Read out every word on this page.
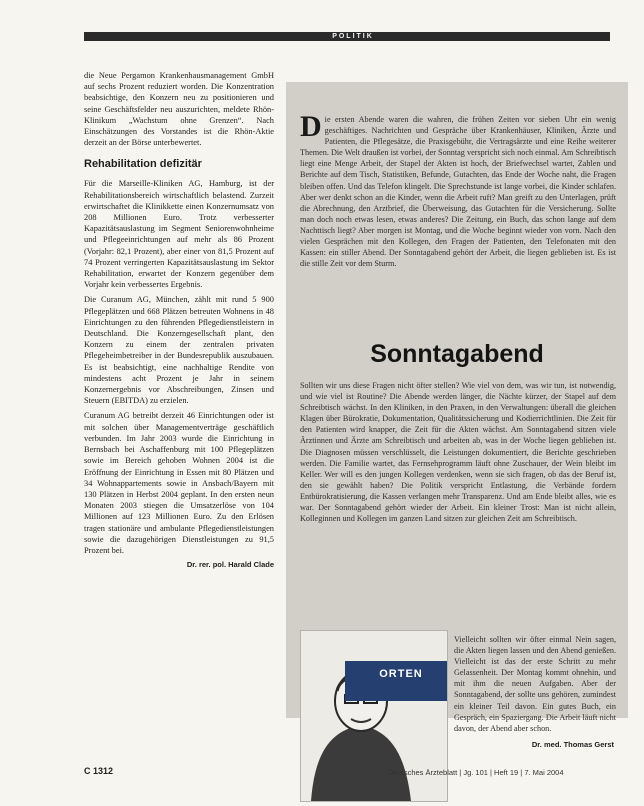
POLITIK

die Neue Pergamon Krankenhausmanagement GmbH auf sechs Prozent reduziert worden. Die Konzentration beabsichtige, den Konzern neu zu positionieren und seine Geschäftsfelder neu auszurichten, meldete Rhön-Klinikum „Wachstum ohne Grenzen“. Nach Einschätzungen des Vorstandes ist die Rhön-Aktie derzeit an der Börse unterbewertet.

Rehabilitation defizitär

Für die Marseille-Kliniken AG, Hamburg, ist der Rehabilitationsbereich wirtschaftlich belastend. Zurzeit erwirtschaftet die Klinikkette einen Konzernumsatz von 208 Millionen Euro. Trotz verbesserter Kapazitätsauslastung im Segment Seniorenwohnheime und Pflegeeinrichtungen auf mehr als 86 Prozent (Vorjahr: 82,1 Prozent), aber einer von 81,5 Prozent auf 74 Prozent verringerten Kapazitätsauslastung im Sektor Rehabilitation, erwartet der Konzern gegenüber dem Vorjahr kein verbessertes Ergebnis.

Die Curanum AG, München, zählt mit rund 5 900 Pflegeplätzen und 668 Plätzen betreuten Wohnens in 48 Einrichtungen zu den führenden Pflegedienstleistern in Deutschland. Die Konzerngesellschaft plant, den Konzern zu einem der zentralen privaten Pflegeheimbetreiber in der Bundesrepublik auszubauen. Es ist beabsichtigt, eine nachhaltige Rendite von mindestens acht Prozent je Jahr in seinem Konzernergebnis vor Abschreibungen, Zinsen und Steuern (EBITDA) zu erzielen.

Curanum AG betreibt derzeit 46 Einrichtungen oder ist mit solchen über Managementverträge geschäftlich verbunden. Im Jahr 2003 wurde die Einrichtung in Bernsbach bei Aschaffenburg mit 100 Pflegeplätzen sowie im Bereich gehoben Wohnen 2004 ist die Eröffnung der Einrichtung in Essen mit 80 Plätzen und 34 Wohnappartements sowie in Ansbach/Bayern mit 130 Plätzen in Herbst 2004 geplant. In den ersten neun Monaten 2003 stiegen die Umsatzerlöse von 104 Millionen auf 123 Millionen Euro. Zu den Erlösen tragen stationäre und ambulante Pflegedienstleistungen sowie die dazugehörigen Dienstleistungen zu 91,5 Prozent bei.

Dr. rer. pol. Harald Clade

Die ersten Abende waren die wahren, die frühen Zeiten vor sieben Uhr ein wenig geschäftiges. Nachrichten und Gespräche über Krankenhäuser, Kliniken, Ärzte und Patienten, die Pflegesätze, die Praxisgebühr, die Vertragsärzte und eine Reihe weiterer Themen. Die Welt draußen ist vorbei, der Sonntag verspricht sich noch einmal. Am Schreibtisch liegt eine Menge Arbeit, der Stapel der Akten ist hoch, der Briefwechsel wartet, Zahlen und Berichte auf dem Tisch, Statistiken, Befunde, Gutachten, das Ende der Woche naht, die Fragen bleiben offen. Und das Telefon klingelt. Die Sprechstunde ist lange vorbei, die Kinder schlafen. Aber wer denkt schon an die Kinder, wenn die Arbeit ruft? Man greift zu den Unterlagen, prüft die Abrechnung, den Arztbrief, die Überweisung, das Gutachten für die Versicherung. Sollte man doch noch etwas lesen, etwas anderes? Die Zeitung, ein Buch, das schon lange auf dem Nachttisch liegt? Aber morgen ist Montag, und die Woche beginnt wieder von vorn. Nach den vielen Gesprächen mit den Kollegen, den Fragen der Patienten, den Telefonaten mit den Kassen: ein stiller Abend. Der Sonntagabend gehört der Arbeit, die liegen geblieben ist. Es ist die stille Zeit vor dem Sturm.

Sonntagabend

Sollten wir uns diese Fragen nicht öfter stellen? Wie viel von dem, was wir tun, ist notwendig, und wie viel ist Routine? Die Abende werden länger, die Nächte kürzer, der Stapel auf dem Schreibtisch wächst. In den Kliniken, in den Praxen, in den Verwaltungen: überall die gleichen Klagen über Bürokratie, Dokumentation, Qualitätssicherung und Kodierrichtlinien. Die Zeit für den Patienten wird knapper, die Zeit für die Akten wächst. Am Sonntagabend sitzen viele Ärztinnen und Ärzte am Schreibtisch und arbeiten ab, was in der Woche liegen geblieben ist. Die Diagnosen müssen verschlüsselt, die Leistungen dokumentiert, die Berichte geschrieben werden. Die Familie wartet, das Fernsehprogramm läuft ohne Zuschauer, der Wein bleibt im Keller. Wer will es den jungen Kollegen verdenken, wenn sie sich fragen, ob das der Beruf ist, den sie gewählt haben? Die Politik verspricht Entlastung, die Verbände fordern Entbürokratisierung, die Kassen verlangen mehr Transparenz. Und am Ende bleibt alles, wie es war. Der Sonntagabend gehört wieder der Arbeit. Ein kleiner Trost: Man ist nicht allein, Kolleginnen und Kollegen im ganzen Land sitzen zur gleichen Zeit am Schreibtisch.

ORTEN

Vielleicht sollten wir öfter einmal Nein sagen, die Akten liegen lassen und den Abend genießen. Vielleicht ist das der erste Schritt zu mehr Gelassenheit. Der Montag kommt ohnehin, und mit ihm die neuen Aufgaben. Aber der Sonntagabend, der sollte uns gehören, zumindest ein kleiner Teil davon. Ein gutes Buch, ein Gespräch, ein Spaziergang. Die Arbeit läuft nicht davon, der Abend aber schon.

Dr. med. Thomas Gerst
C 1312	Deutsches Ärzteblatt | Jg. 101 | Heft 19 | 7. Mai 2004
